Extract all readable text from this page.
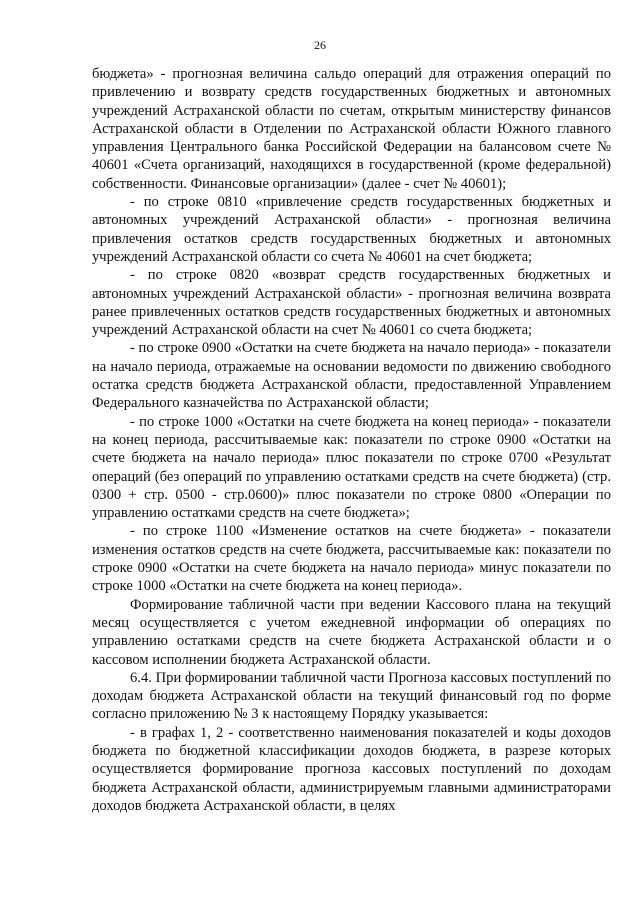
26

бюджета» - прогнозная величина сальдо операций для отражения операций по привлечению и возврату средств государственных бюджетных и автономных учреждений Астраханской области по счетам, открытым министерству финансов Астраханской области в Отделении по Астраханской области Южного главного управления Центрального банка Российской Федерации на балансовом счете № 40601 «Счета организаций, находящихся в государственной (кроме федеральной) собственности. Финансовые организации» (далее - счет № 40601);

- по строке 0810 «привлечение средств государственных бюджетных и автономных учреждений Астраханской области» - прогнозная величина привлечения остатков средств государственных бюджетных и автономных учреждений Астраханской области со счета № 40601 на счет бюджета;

- по строке 0820 «возврат средств государственных бюджетных и автономных учреждений Астраханской области» - прогнозная величина возврата ранее привлеченных остатков средств государственных бюджетных и автономных учреждений Астраханской области на счет № 40601 со счета бюджета;

- по строке 0900 «Остатки на счете бюджета на начало периода» - показатели на начало периода, отражаемые на основании ведомости по движению свободного остатка средств бюджета Астраханской области, предоставленной Управлением Федерального казначейства по Астраханской области;

- по строке 1000 «Остатки на счете бюджета на конец периода» - показатели на конец периода, рассчитываемые как: показатели по строке 0900 «Остатки на счете бюджета на начало периода» плюс показатели по строке 0700 «Результат операций (без операций по управлению остатками средств на счете бюджета) (стр. 0300 + стр. 0500 - стр.0600)» плюс показатели по строке 0800 «Операции по управлению остатками средств на счете бюджета»;

- по строке 1100 «Изменение остатков на счете бюджета» - показатели изменения остатков средств на счете бюджета, рассчитываемые как: показатели по строке 0900 «Остатки на счете бюджета на начало периода» минус показатели по строке 1000 «Остатки на счете бюджета на конец периода».

Формирование табличной части при ведении Кассового плана на текущий месяц осуществляется с учетом ежедневной информации об операциях по управлению остатками средств на счете бюджета Астраханской области и о кассовом исполнении бюджета Астраханской области.

6.4. При формировании табличной части Прогноза кассовых поступлений по доходам бюджета Астраханской области на текущий финансовый год по форме согласно приложению № 3 к настоящему Порядку указывается:

- в графах 1, 2 - соответственно наименования показателей и коды доходов бюджета по бюджетной классификации доходов бюджета, в разрезе которых осуществляется формирование прогноза кассовых поступлений по доходам бюджета Астраханской области, администрируемым главными администраторами доходов бюджета Астраханской области, в целях
